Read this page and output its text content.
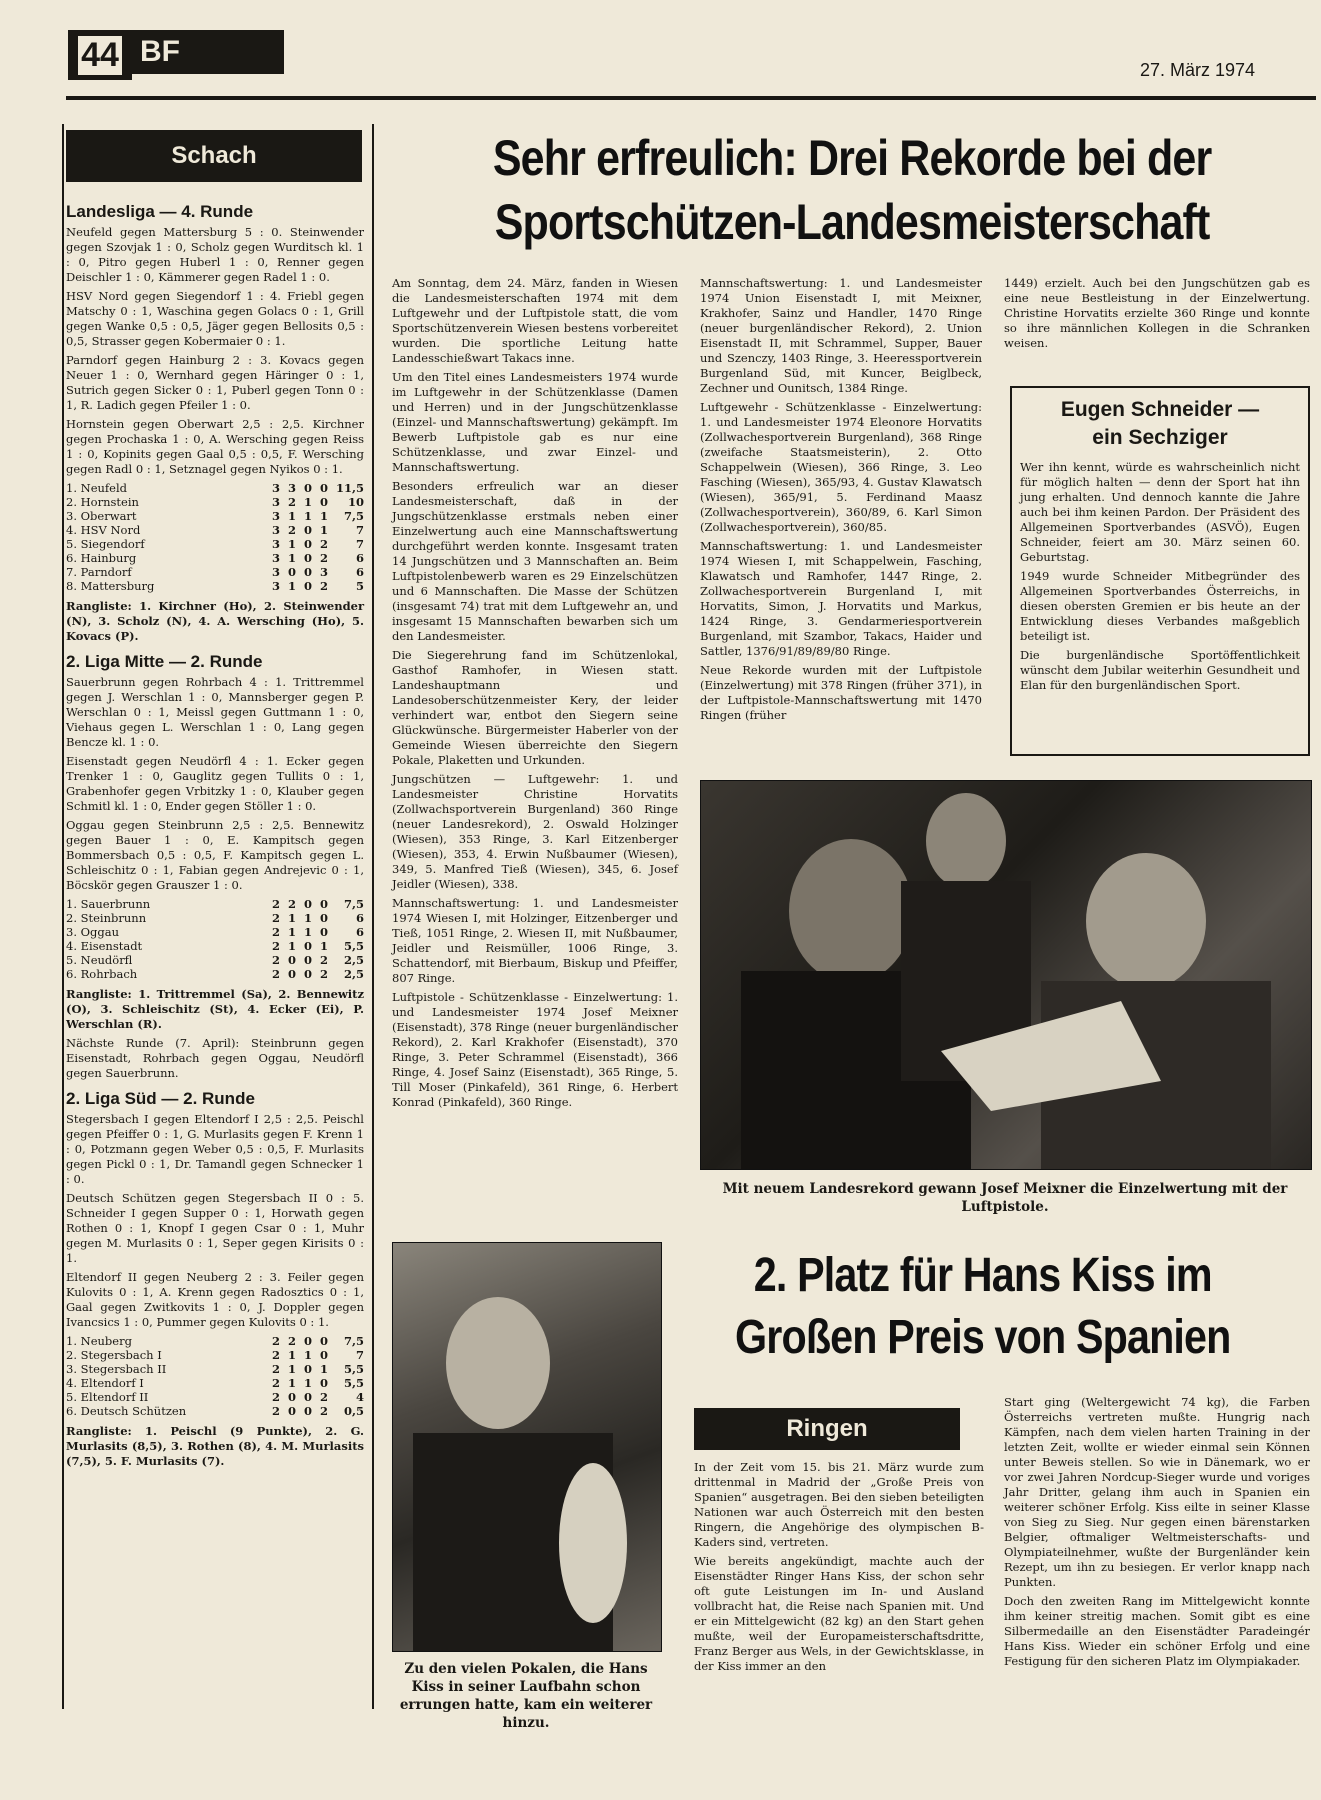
44 BF
27. März 1974
Schach
Landesliga — 4. Runde

Neufeld gegen Mattersburg 5 : 0. Steinwender gegen Szovjak 1 : 0, Scholz gegen Wurditsch kl. 1 : 0, Pitro gegen Huberl 1 : 0, Renner gegen Deischler 1 : 0, Kämmerer gegen Radel 1 : 0.

HSV Nord gegen Siegendorf 1 : 4. Friebl gegen Matschy 0 : 1, Waschina gegen Golacs 0 : 1, Grill gegen Wanke 0,5 : 0,5, Jäger gegen Bellosits 0,5 : 0,5, Strasser gegen Kobermaier 0 : 1.

Parndorf gegen Hainburg 2 : 3. Kovacs gegen Neuer 1 : 0, Wernhard gegen Häringer 0 : 1, Sutrich gegen Sicker 0 : 1, Puberl gegen Tonn 0 : 1, R. Ladich gegen Pfeiler 1 : 0.

Hornstein gegen Oberwart 2,5 : 2,5. Kirchner gegen Prochaska 1 : 0, A. Wersching gegen Reiss 1 : 0, Kopinits gegen Gaal 0,5 : 0,5, F. Wersching gegen Radl 0 : 1, Setznagel gegen Nyikos 0 : 1.

1. Neufeld	3	3	0	0	11,5
2. Hornstein	3	2	1	0	10
3. Oberwart	3	1	1	1	7,5
4. HSV Nord	3	2	0	1	7
5. Siegendorf	3	1	0	2	7
6. Hainburg	3	1	0	2	6
7. Parndorf	3	0	0	3	6
8. Mattersburg	3	1	0	2	5

Rangliste: 1. Kirchner (Ho), 2. Steinwender (N), 3. Scholz (N), 4. A. Wersching (Ho), 5. Kovacs (P).

2. Liga Mitte — 2. Runde

Sauerbrunn gegen Rohrbach 4 : 1. Trittremmel gegen J. Werschlan 1 : 0, Mannsberger gegen P. Werschlan 0 : 1, Meissl gegen Guttmann 1 : 0, Viehaus gegen L. Werschlan 1 : 0, Lang gegen Bencze kl. 1 : 0.

Eisenstadt gegen Neudörfl 4 : 1. Ecker gegen Trenker 1 : 0, Gauglitz gegen Tullits 0 : 1, Grabenhofer gegen Vrbitzky 1 : 0, Klauber gegen Schmitl kl. 1 : 0, Ender gegen Stöller 1 : 0.

Oggau gegen Steinbrunn 2,5 : 2,5. Bennewitz gegen Bauer 1 : 0, E. Kampitsch gegen Bommersbach 0,5 : 0,5, F. Kampitsch gegen L. Schleischitz 0 : 1, Fabian gegen Andrejevic 0 : 1, Böcskör gegen Grauszer 1 : 0.

1. Sauerbrunn	2	2	0	0	7,5
2. Steinbrunn	2	1	1	0	6
3. Oggau	2	1	1	0	6
4. Eisenstadt	2	1	0	1	5,5
5. Neudörfl	2	0	0	2	2,5
6. Rohrbach	2	0	0	2	2,5

Rangliste: 1. Trittremmel (Sa), 2. Bennewitz (O), 3. Schleischitz (St), 4. Ecker (Ei), P. Werschlan (R).

Nächste Runde (7. April): Steinbrunn gegen Eisenstadt, Rohrbach gegen Oggau, Neudörfl gegen Sauerbrunn.

2. Liga Süd — 2. Runde

Stegersbach I gegen Eltendorf I 2,5 : 2,5. Peischl gegen Pfeiffer 0 : 1, G. Murlasits gegen F. Krenn 1 : 0, Potzmann gegen Weber 0,5 : 0,5, F. Murlasits gegen Pickl 0 : 1, Dr. Tamandl gegen Schnecker 1 : 0.

Deutsch Schützen gegen Stegersbach II 0 : 5. Schneider I gegen Supper 0 : 1, Horwath gegen Rothen 0 : 1, Knopf I gegen Csar 0 : 1, Muhr gegen M. Murlasits 0 : 1, Seper gegen Kirisits 0 : 1.

Eltendorf II gegen Neuberg 2 : 3. Feiler gegen Kulovits 0 : 1, A. Krenn gegen Radosztics 0 : 1, Gaal gegen Zwitkovits 1 : 0, J. Doppler gegen Ivancsics 1 : 0, Pummer gegen Kulovits 0 : 1.

1. Neuberg	2	2	0	0	7,5
2. Stegersbach I	2	1	1	0	7
3. Stegersbach II	2	1	0	1	5,5
4. Eltendorf I	2	1	1	0	5,5
5. Eltendorf II	2	0	0	2	4
6. Deutsch Schützen	2	0	0	2	0,5

Rangliste: 1. Peischl (9 Punkte), 2. G. Murlasits (8,5), 3. Rothen (8), 4. M. Murlasits (7,5), 5. F. Murlasits (7).

Sehr erfreulich: Drei Rekorde bei der
Sportschützen-Landesmeisterschaft

Am Sonntag, dem 24. März, fanden in Wiesen die Landesmeisterschaften 1974 mit dem Luftgewehr und der Luftpistole statt, die vom Sportschützenverein Wiesen bestens vorbereitet wurden. Die sportliche Leitung hatte Landesschießwart Takacs inne.

Um den Titel eines Landesmeisters 1974 wurde im Luftgewehr in der Schützenklasse (Damen und Herren) und in der Jungschützenklasse (Einzel- und Mannschaftswertung) gekämpft. Im Bewerb Luftpistole gab es nur eine Schützenklasse, und zwar Einzel- und Mannschaftswertung.

Besonders erfreulich war an dieser Landesmeisterschaft, daß in der Jungschützenklasse erstmals neben einer Einzelwertung auch eine Mannschaftswertung durchgeführt werden konnte. Insgesamt traten 14 Jungschützen und 3 Mannschaften an. Beim Luftpistolenbewerb waren es 29 Einzelschützen und 6 Mannschaften. Die Masse der Schützen (insgesamt 74) trat mit dem Luftgewehr an, und insgesamt 15 Mannschaften bewarben sich um den Landesmeister.

Die Siegerehrung fand im Schützenlokal, Gasthof Ramhofer, in Wiesen statt. Landeshauptmann und Landesoberschützenmeister Kery, der leider verhindert war, entbot den Siegern seine Glückwünsche. Bürgermeister Haberler von der Gemeinde Wiesen überreichte den Siegern Pokale, Plaketten und Urkunden.

Jungschützen — Luftgewehr: 1. und Landesmeister Christine Horvatits (Zollwachsportverein Burgenland) 360 Ringe (neuer Landesrekord), 2. Oswald Holzinger (Wiesen), 353 Ringe, 3. Karl Eitzenberger (Wiesen), 353, 4. Erwin Nußbaumer (Wiesen), 349, 5. Manfred Tieß (Wiesen), 345, 6. Josef Jeidler (Wiesen), 338.

Mannschaftswertung: 1. und Landesmeister 1974 Wiesen I, mit Holzinger, Eitzenberger und Tieß, 1051 Ringe, 2. Wiesen II, mit Nußbaumer, Jeidler und Reismüller, 1006 Ringe, 3. Schattendorf, mit Bierbaum, Biskup und Pfeiffer, 807 Ringe.

Luftpistole - Schützenklasse - Einzelwertung: 1. und Landesmeister 1974 Josef Meixner (Eisenstadt), 378 Ringe (neuer burgenländischer Rekord), 2. Karl Krakhofer (Eisenstadt), 370 Ringe, 3. Peter Schrammel (Eisenstadt), 366 Ringe, 4. Josef Sainz (Eisenstadt), 365 Ringe, 5. Till Moser (Pinkafeld), 361 Ringe, 6. Herbert Konrad (Pinkafeld), 360 Ringe.

Mannschaftswertung: 1. und Landesmeister 1974 Union Eisenstadt I, mit Meixner, Krakhofer, Sainz und Handler, 1470 Ringe (neuer burgenländischer Rekord), 2. Union Eisenstadt II, mit Schrammel, Supper, Bauer und Szenczy, 1403 Ringe, 3. Heeressportverein Burgenland Süd, mit Kuncer, Beiglbeck, Zechner und Ounitsch, 1384 Ringe.

Luftgewehr - Schützenklasse - Einzelwertung: 1. und Landesmeister 1974 Eleonore Horvatits (Zollwachesportverein Burgenland), 368 Ringe (zweifache Staatsmeisterin), 2. Otto Schappelwein (Wiesen), 366 Ringe, 3. Leo Fasching (Wiesen), 365/93, 4. Gustav Klawatsch (Wiesen), 365/91, 5. Ferdinand Maasz (Zollwachesportverein), 360/89, 6. Karl Simon (Zollwachesportverein), 360/85.

Mannschaftswertung: 1. und Landesmeister 1974 Wiesen I, mit Schappelwein, Fasching, Klawatsch und Ramhofer, 1447 Ringe, 2. Zollwachesportverein Burgenland I, mit Horvatits, Simon, J. Horvatits und Markus, 1424 Ringe, 3. Gendarmeriesportverein Burgenland, mit Szambor, Takacs, Haider und Sattler, 1376/91/89/89/80 Ringe.

Neue Rekorde wurden mit der Luftpistole (Einzelwertung) mit 378 Ringen (früher 371), in der Luftpistole-Mannschaftswertung mit 1470 Ringen (früher

1449) erzielt. Auch bei den Jungschützen gab es eine neue Bestleistung in der Einzelwertung. Christine Horvatits erzielte 360 Ringe und konnte so ihre männlichen Kollegen in die Schranken weisen.

Eugen Schneider —
ein Sechziger

Wer ihn kennt, würde es wahrscheinlich nicht für möglich halten — denn der Sport hat ihn jung erhalten. Und dennoch kannte die Jahre auch bei ihm keinen Pardon. Der Präsident des Allgemeinen Sportverbandes (ASVÖ), Eugen Schneider, feiert am 30. März seinen 60. Geburtstag.

1949 wurde Schneider Mitbegründer des Allgemeinen Sportverbandes Österreichs, in diesen obersten Gremien er bis heute an der Entwicklung dieses Verbandes maßgeblich beteiligt ist.

Die burgenländische Sportöffentlichkeit wünscht dem Jubilar weiterhin Gesundheit und Elan für den burgenländischen Sport.

Mit neuem Landesrekord gewann Josef Meixner die Einzelwertung mit der Luftpistole.
Zu den vielen Pokalen, die Hans Kiss in seiner Laufbahn schon errungen hatte, kam ein weiterer hinzu.
2. Platz für Hans Kiss im
Großen Preis von Spanien
Ringen

In der Zeit vom 15. bis 21. März wurde zum drittenmal in Madrid der „Große Preis von Spanien“ ausgetragen. Bei den sieben beteiligten Nationen war auch Österreich mit den besten Ringern, die Angehörige des olympischen B-Kaders sind, vertreten.

Wie bereits angekündigt, machte auch der Eisenstädter Ringer Hans Kiss, der schon sehr oft gute Leistungen im In- und Ausland vollbracht hat, die Reise nach Spanien mit. Und er ein Mittelgewicht (82 kg) an den Start gehen mußte, weil der Europameisterschaftsdritte, Franz Berger aus Wels, in der Gewichtsklasse, in der Kiss immer an den

Start ging (Weltergewicht 74 kg), die Farben Österreichs vertreten mußte. Hungrig nach Kämpfen, nach dem vielen harten Training in der letzten Zeit, wollte er wieder einmal sein Können unter Beweis stellen. So wie in Dänemark, wo er vor zwei Jahren Nordcup-Sieger wurde und voriges Jahr Dritter, gelang ihm auch in Spanien ein weiterer schöner Erfolg. Kiss eilte in seiner Klasse von Sieg zu Sieg. Nur gegen einen bärenstarken Belgier, oftmaliger Weltmeisterschafts- und Olympiateilnehmer, wußte der Burgenländer kein Rezept, um ihn zu besiegen. Er verlor knapp nach Punkten.

Doch den zweiten Rang im Mittelgewicht konnte ihm keiner streitig machen. Somit gibt es eine Silbermedaille an den Eisenstädter Paradeingér Hans Kiss. Wieder ein schöner Erfolg und eine Festigung für den sicheren Platz im Olympiakader.
